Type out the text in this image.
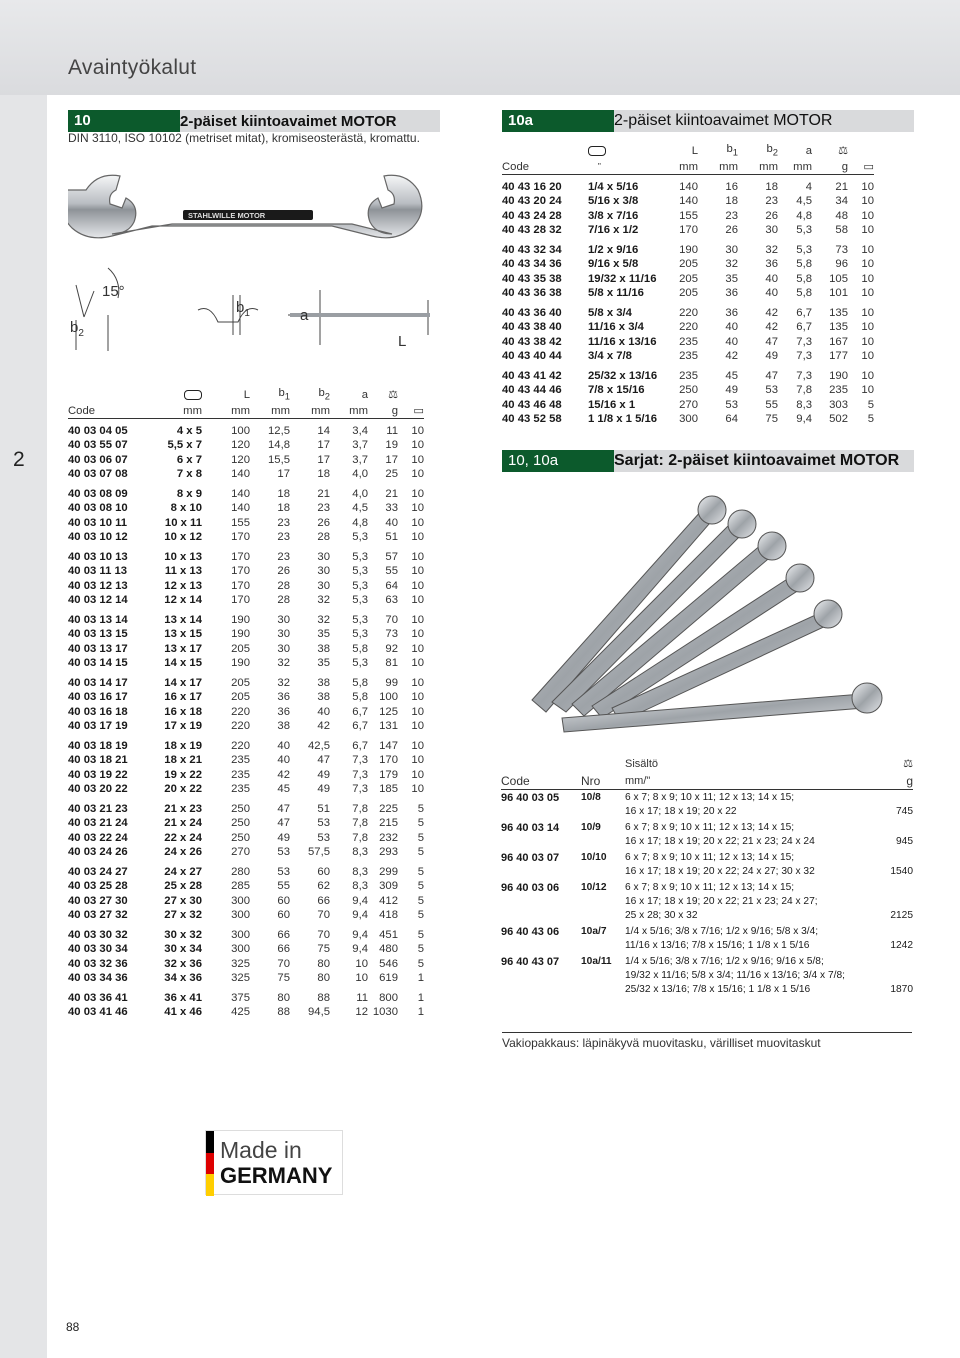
Avaintyökalut
2
10	2-päiset kiintoavaimet MOTOR
DIN 3110, ISO 10102 (metriset mitat), kromiseosterästä, kromattu.
STAHLWILLE MOTOR
15°
$b_2$
$b_1$	a
L
		L	$b_1$	$b_2$	a	⚖	
Code	mm	mm	mm	mm	mm	g	▭

40 03 04 05	4 x 5	100	12,5	14	3,4	11	10
40 03 55 07	5,5 x 7	120	14,8	17	3,7	19	10
40 03 06 07	6 x 7	120	15,5	17	3,7	17	10
40 03 07 08	7 x 8	140	17	18	4,0	25	10

40 03 08 09	8 x 9	140	18	21	4,0	21	10
40 03 08 10	8 x 10	140	18	23	4,5	33	10
40 03 10 11	10 x 11	155	23	26	4,8	40	10
40 03 10 12	10 x 12	170	23	28	5,3	51	10

40 03 10 13	10 x 13	170	23	30	5,3	57	10
40 03 11 13	11 x 13	170	26	30	5,3	55	10
40 03 12 13	12 x 13	170	28	30	5,3	64	10
40 03 12 14	12 x 14	170	28	32	5,3	63	10

40 03 13 14	13 x 14	190	30	32	5,3	70	10
40 03 13 15	13 x 15	190	30	35	5,3	73	10
40 03 13 17	13 x 17	205	30	38	5,8	92	10
40 03 14 15	14 x 15	190	32	35	5,3	81	10

40 03 14 17	14 x 17	205	32	38	5,8	99	10
40 03 16 17	16 x 17	205	36	38	5,8	100	10
40 03 16 18	16 x 18	220	36	40	6,7	125	10
40 03 17 19	17 x 19	220	38	42	6,7	131	10

40 03 18 19	18 x 19	220	40	42,5	6,7	147	10
40 03 18 21	18 x 21	235	40	47	7,3	170	10
40 03 19 22	19 x 22	235	42	49	7,3	179	10
40 03 20 22	20 x 22	235	45	49	7,3	185	10

40 03 21 23	21 x 23	250	47	51	7,8	225	5
40 03 21 24	21 x 24	250	47	53	7,8	215	5
40 03 22 24	22 x 24	250	49	53	7,8	232	5
40 03 24 26	24 x 26	270	53	57,5	8,3	293	5

40 03 24 27	24 x 27	280	53	60	8,3	299	5
40 03 25 28	25 x 28	285	55	62	8,3	309	5
40 03 27 30	27 x 30	300	60	66	9,4	412	5
40 03 27 32	27 x 32	300	60	70	9,4	418	5

40 03 30 32	30 x 32	300	66	70	9,4	451	5
40 03 30 34	30 x 34	300	66	75	9,4	480	5
40 03 32 36	32 x 36	325	70	80	10	546	5
40 03 34 36	34 x 36	325	75	80	10	619	1

40 03 36 41	36 x 41	375	80	88	11	800	1
40 03 41 46	41 x 46	425	88	94,5	12	1030	1
10a	2-päiset kiintoavaimet MOTOR
		L	$b_1$	$b_2$	a	⚖	
Code	"	mm	mm	mm	mm	g	▭

40 43 16 20	1/4 x 5/16	140	16	18	4	21	10
40 43 20 24	5/16 x 3/8	140	18	23	4,5	34	10
40 43 24 28	3/8 x 7/16	155	23	26	4,8	48	10
40 43 28 32	7/16 x 1/2	170	26	30	5,3	58	10

40 43 32 34	1/2 x 9/16	190	30	32	5,3	73	10
40 43 34 36	9/16 x 5/8	205	32	36	5,8	96	10
40 43 35 38	19/32 x 11/16	205	35	40	5,8	105	10
40 43 36 38	5/8 x 11/16	205	36	40	5,8	101	10

40 43 36 40	5/8 x 3/4	220	36	42	6,7	135	10
40 43 38 40	11/16 x 3/4	220	40	42	6,7	135	10
40 43 38 42	11/16 x 13/16	235	40	47	7,3	167	10
40 43 40 44	3/4 x 7/8	235	42	49	7,3	177	10

40 43 41 42	25/32 x 13/16	235	45	47	7,3	190	10
40 43 44 46	7/8 x 15/16	250	49	53	7,8	235	10
40 43 46 48	15/16 x 1	270	53	55	8,3	303	5
40 43 52 58	1 1/8 x 1 5/16	300	64	75	9,4	502	5
10, 10a	Sarjat: 2-päiset kiintoavaimet MOTOR
		Sisältö	⚖
Code	Nro	mm/"	g
96 40 03 05	10/8	6 x 7; 8 x 9; 10 x 11; 12 x 13; 14 x 15;
16 x 17; 18 x 19; 20 x 22	745
96 40 03 14	10/9	6 x 7; 8 x 9; 10 x 11; 12 x 13; 14 x 15;
16 x 17; 18 x 19; 20 x 22; 21 x 23; 24 x 24	945
96 40 03 07	10/10	6 x 7; 8 x 9; 10 x 11; 12 x 13; 14 x 15;
16 x 17; 18 x 19; 20 x 22; 24 x 27; 30 x 32	1540
96 40 03 06	10/12	6 x 7; 8 x 9; 10 x 11; 12 x 13; 14 x 15;
16 x 17; 18 x 19; 20 x 22; 21 x 23; 24 x 27;
25 x 28; 30 x 32	2125
96 40 43 06	10a/7	1/4 x 5/16; 3/8 x 7/16; 1/2 x 9/16; 5/8 x 3/4;
11/16 x 13/16; 7/8 x 15/16; 1 1/8 x 1 5/16	1242
96 40 43 07	10a/11	1/4 x 5/16; 3/8 x 7/16; 1/2 x 9/16; 9/16 x 5/8;
19/32 x 11/16; 5/8 x 3/4; 11/16 x 13/16; 3/4 x 7/8;
25/32 x 13/16; 7/8 x 15/16; 1 1/8 x 1 5/16	1870
Vakiopakkaus: läpinäkyvä muovitasku, värilliset muovitaskut
Made in
GERMANY
88
